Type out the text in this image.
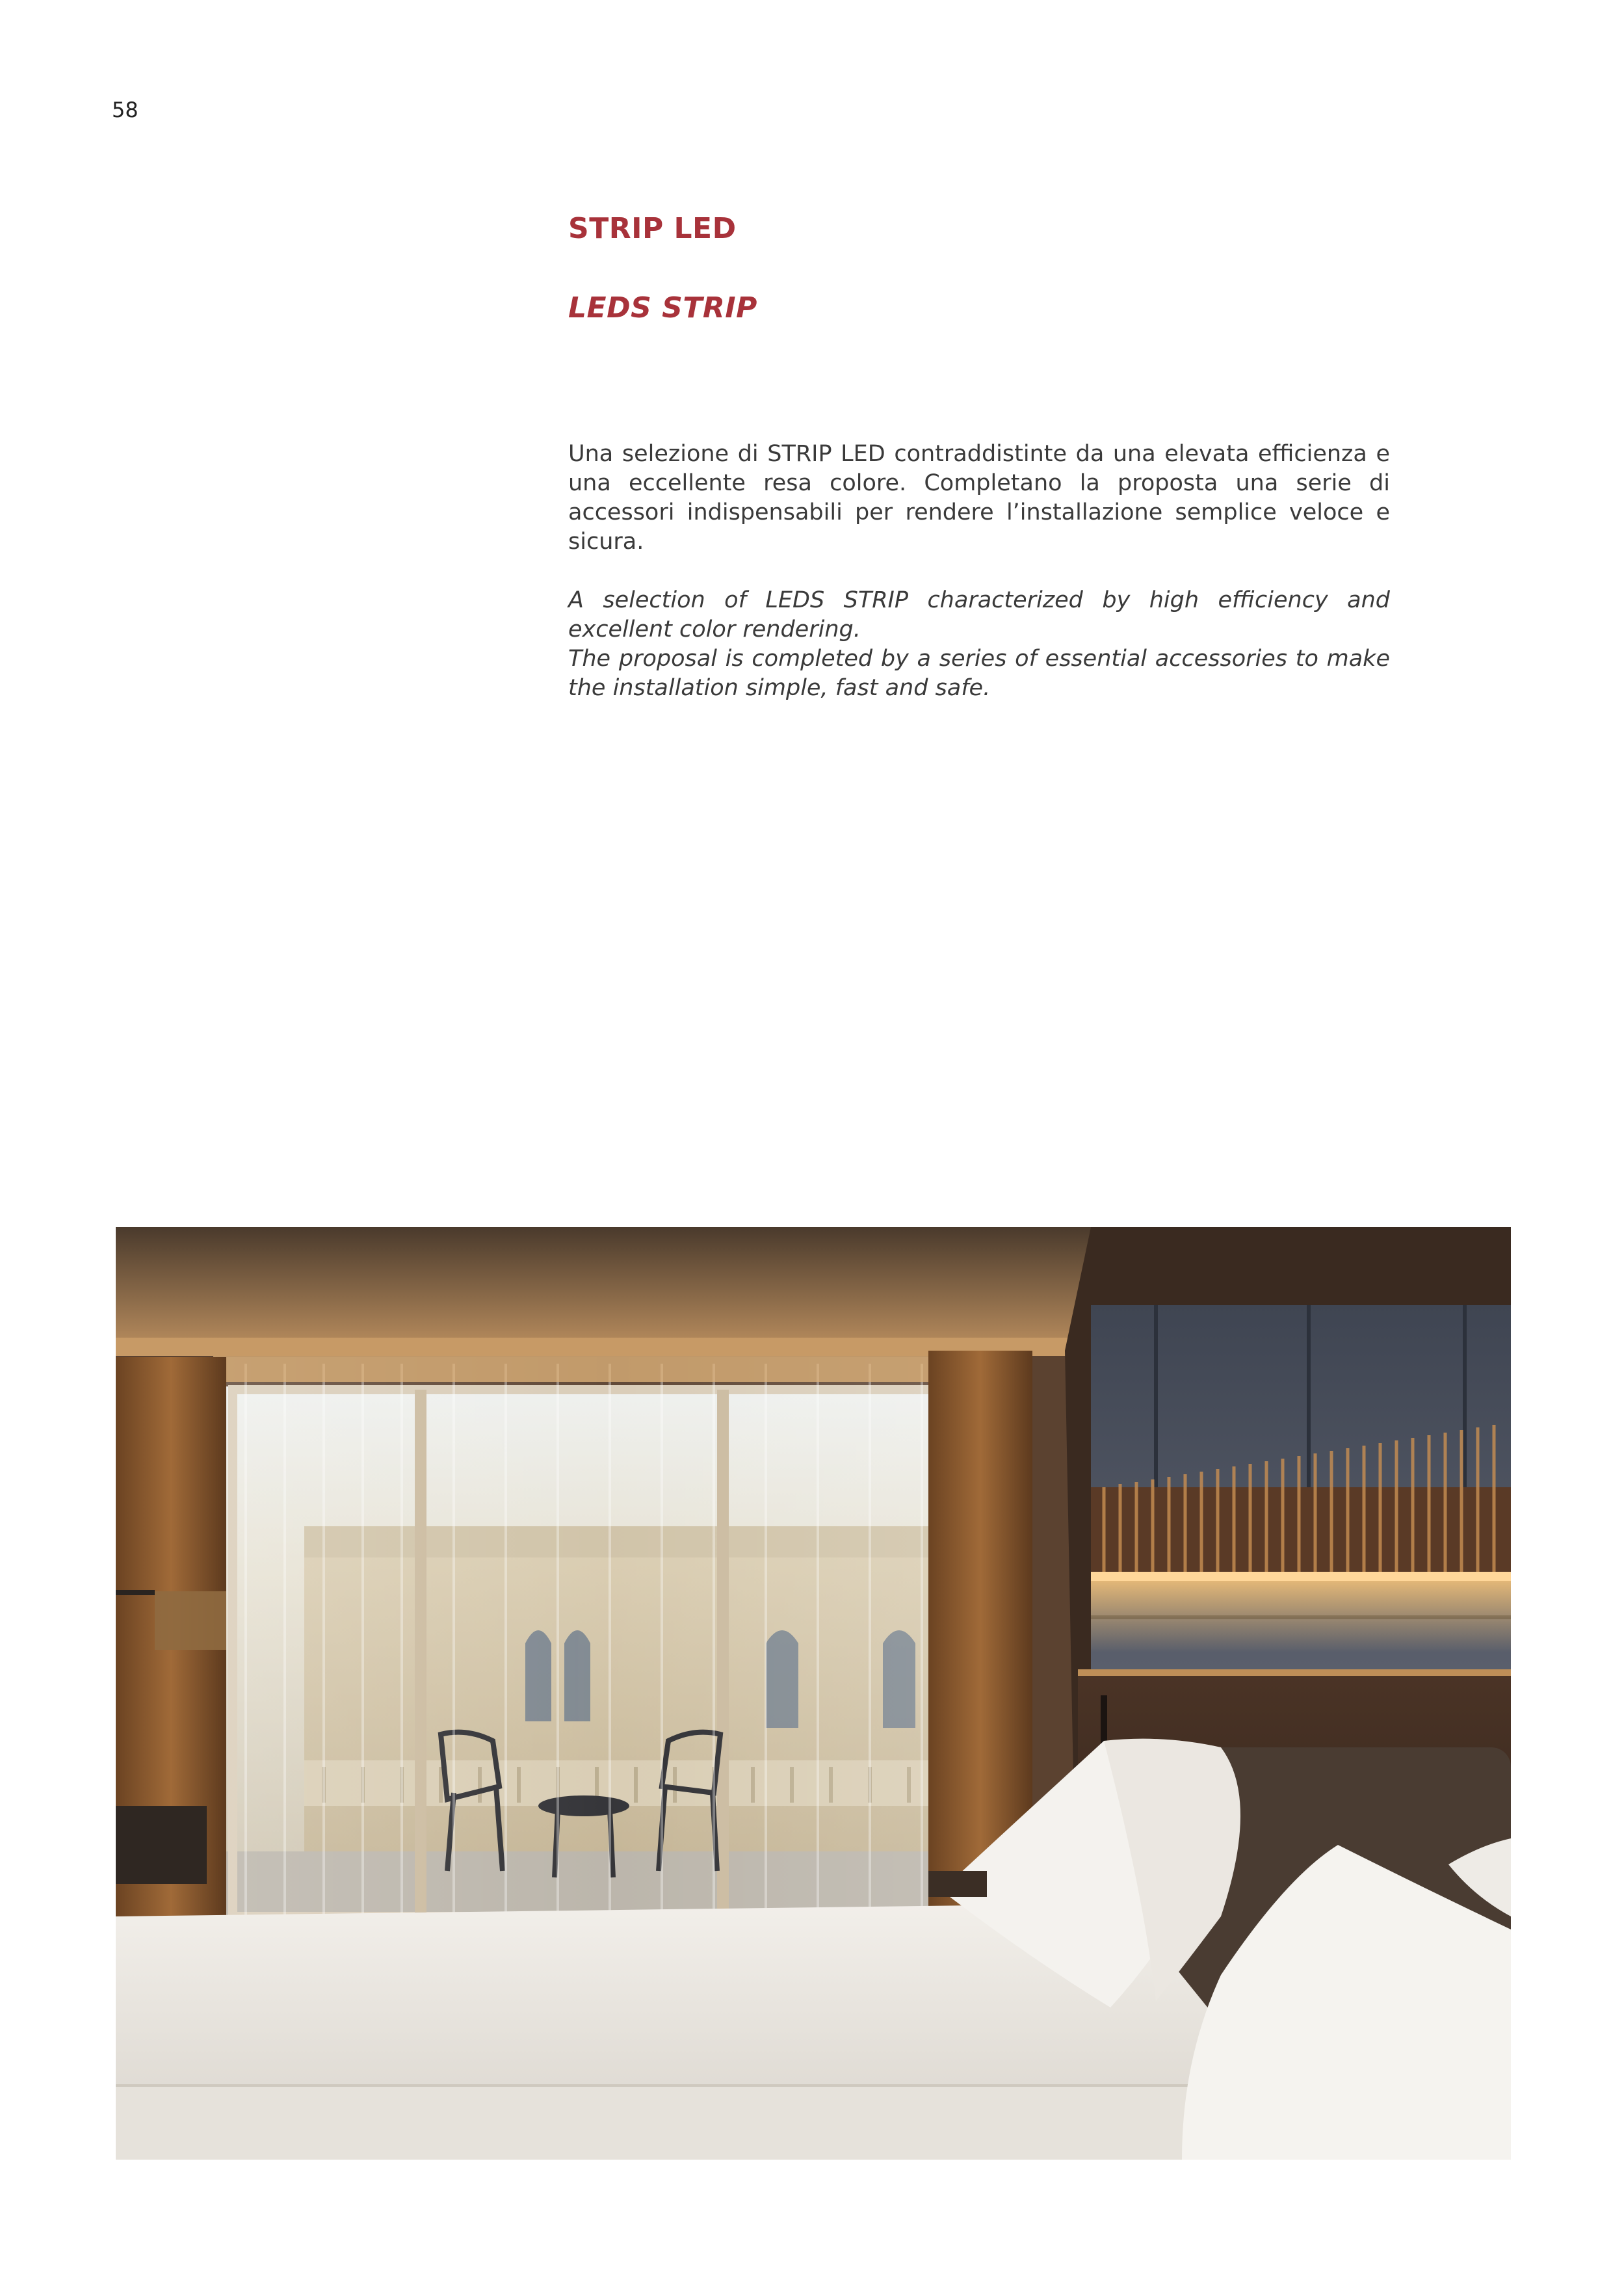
58
STRIP LED
LEDS STRIP

Una selezione di STRIP LED contraddistinte da una elevata efficienza e una eccellente resa colore. Completano la proposta una serie di accessori indispensabili per rendere l’installazione semplice veloce e sicura.

A selection of LEDS STRIP characterized by high efficiency and excellent color rendering.

The proposal is completed by a series of essential accessories to make the installation simple, fast and safe.
